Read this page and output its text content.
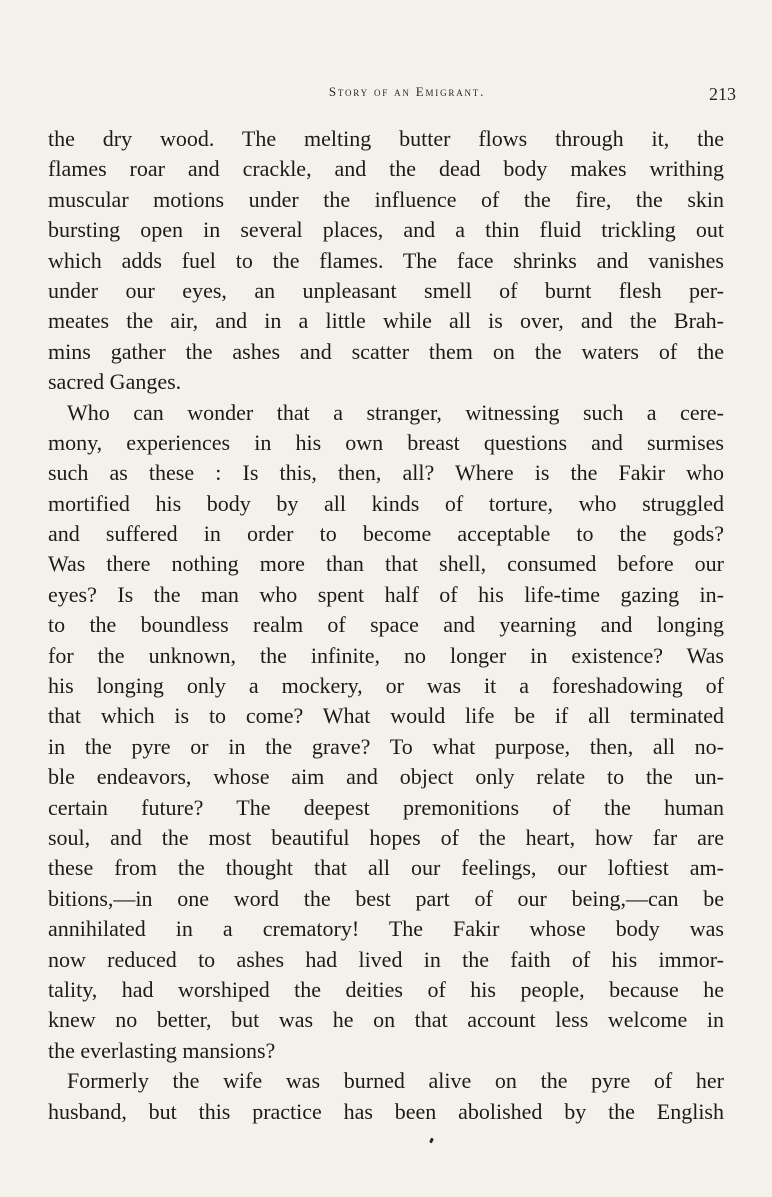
Story of an Emigrant.	213
the dry wood. The melting butter flows through it, the
flames roar and crackle, and the dead body makes writhing
muscular motions under the influence of the fire, the skin
bursting open in several places, and a thin fluid trickling out
which adds fuel to the flames. The face shrinks and vanishes
under our eyes, an unpleasant smell of burnt flesh per-
meates the air, and in a little while all is over, and the Brah-
mins gather the ashes and scatter them on the waters of the
sacred Ganges.
Who can wonder that a stranger, witnessing such a cere-
mony, experiences in his own breast questions and surmises
such as these : Is this, then, all? Where is the Fakir who
mortified his body by all kinds of torture, who struggled
and suffered in order to become acceptable to the gods?
Was there nothing more than that shell, consumed before our
eyes? Is the man who spent half of his life-time gazing in-
to the boundless realm of space and yearning and longing
for the unknown, the infinite, no longer in existence? Was
his longing only a mockery, or was it a foreshadowing of
that which is to come? What would life be if all terminated
in the pyre or in the grave? To what purpose, then, all no-
ble endeavors, whose aim and object only relate to the un-
certain future? The deepest premonitions of the human
soul, and the most beautiful hopes of the heart, how far are
these from the thought that all our feelings, our loftiest am-
bitions,—in one word the best part of our being,—can be
annihilated in a crematory! The Fakir whose body was
now reduced to ashes had lived in the faith of his immor-
tality, had worshiped the deities of his people, because he
knew no better, but was he on that account less welcome in
the everlasting mansions?
Formerly the wife was burned alive on the pyre of her
husband, but this practice has been abolished by the English
